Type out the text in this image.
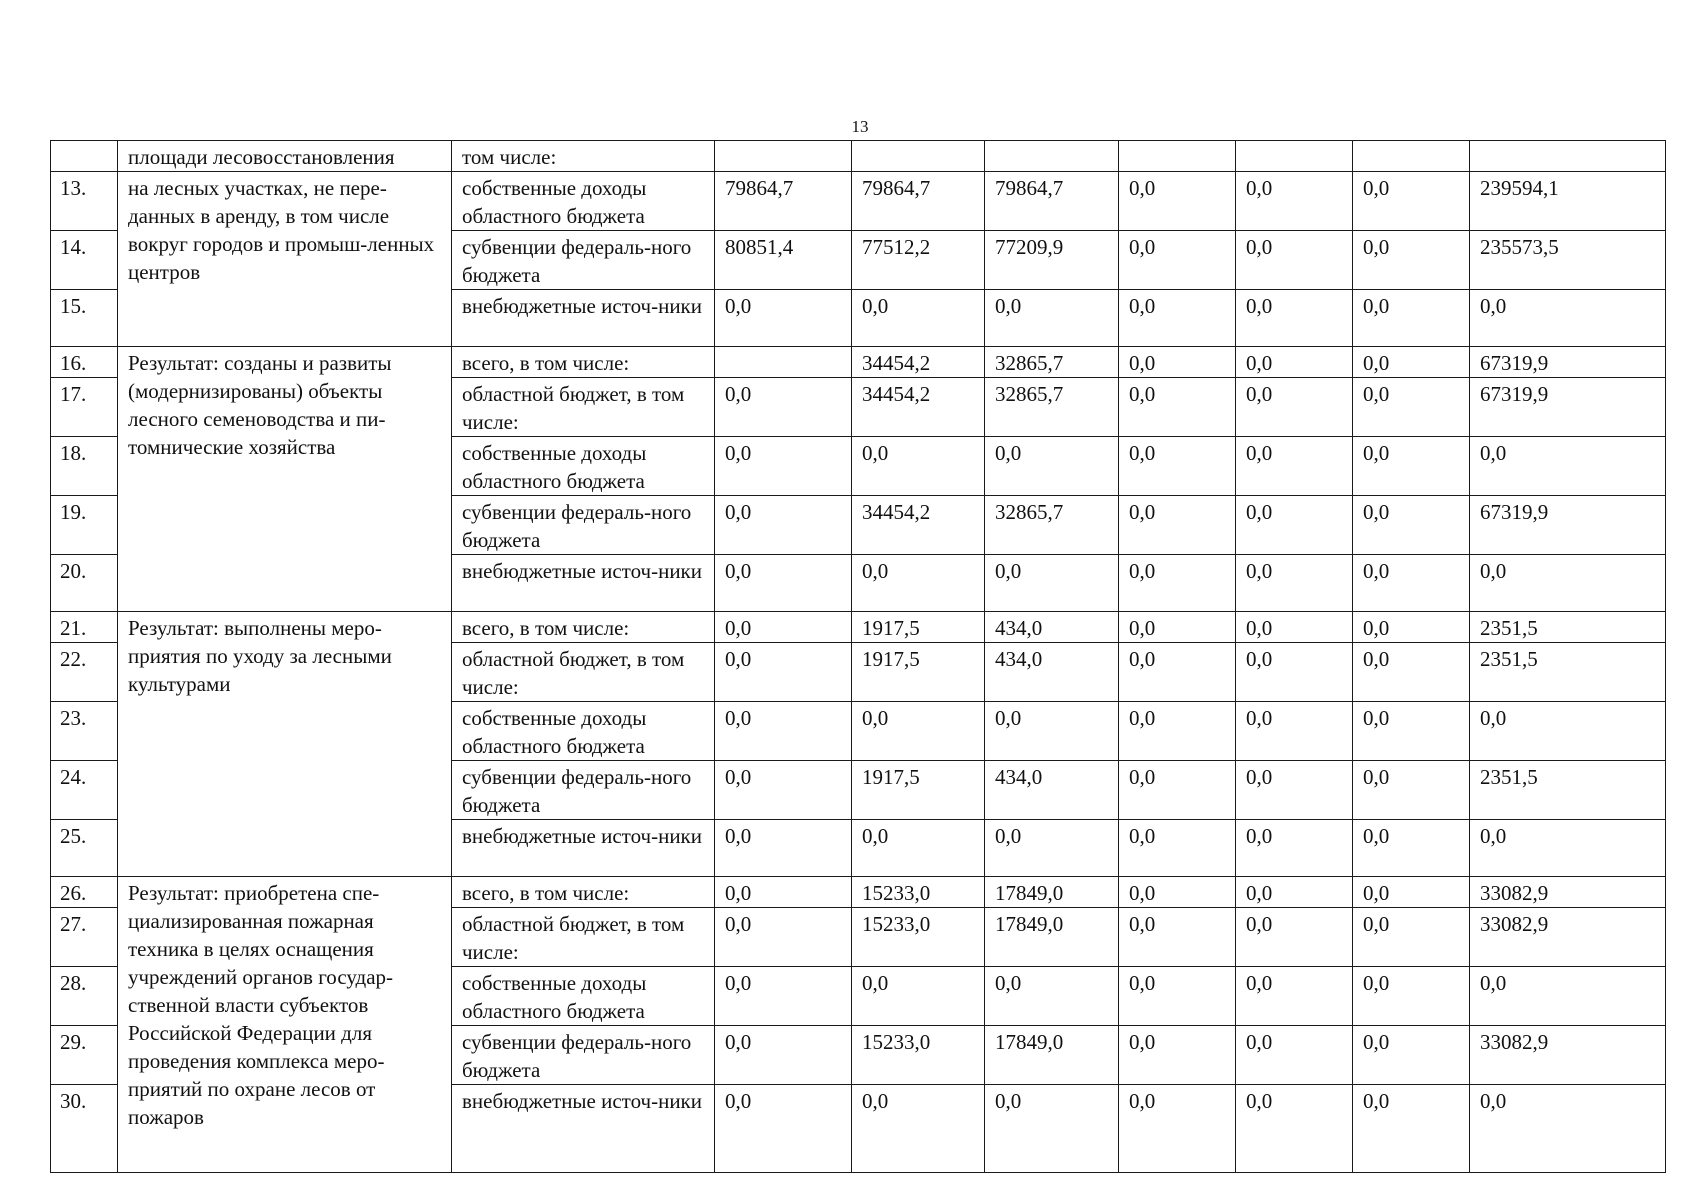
13
	площади лесовосстановления	том числе:							
13.	на лесных участках, не пере-данных в аренду, в том числе вокруг городов и промыш-ленных центров	собственные доходы областного бюджета	79864,7	79864,7	79864,7	0,0	0,0	0,0	239594,1
14.		субвенции федераль-ного бюджета	80851,4	77512,2	77209,9	0,0	0,0	0,0	235573,5
15.		внебюджетные источ-ники	0,0	0,0	0,0	0,0	0,0	0,0	0,0
16.	Результат: созданы и развиты (модернизированы) объекты лесного семеноводства и пи-томнические хозяйства	всего, в том числе:		34454,2	32865,7	0,0	0,0	0,0	67319,9
17.		областной бюджет, в том числе:	0,0	34454,2	32865,7	0,0	0,0	0,0	67319,9
18.		собственные доходы областного бюджета	0,0	0,0	0,0	0,0	0,0	0,0	0,0
19.		субвенции федераль-ного бюджета	0,0	34454,2	32865,7	0,0	0,0	0,0	67319,9
20.		внебюджетные источ-ники	0,0	0,0	0,0	0,0	0,0	0,0	0,0
21.	Результат: выполнены меро-приятия по уходу за лесными культурами	всего, в том числе:	0,0	1917,5	434,0	0,0	0,0	0,0	2351,5
22.		областной бюджет, в том числе:	0,0	1917,5	434,0	0,0	0,0	0,0	2351,5
23.		собственные доходы областного бюджета	0,0	0,0	0,0	0,0	0,0	0,0	0,0
24.		субвенции федераль-ного бюджета	0,0	1917,5	434,0	0,0	0,0	0,0	2351,5
25.		внебюджетные источ-ники	0,0	0,0	0,0	0,0	0,0	0,0	0,0
26.	Результат: приобретена спе-циализированная пожарная техника в целях оснащения учреждений органов государ-ственной власти субъектов Российской Федерации для проведения комплекса меро-приятий по охране лесов от пожаров	всего, в том числе:	0,0	15233,0	17849,0	0,0	0,0	0,0	33082,9
27.		областной бюджет, в том числе:	0,0	15233,0	17849,0	0,0	0,0	0,0	33082,9
28.		собственные доходы областного бюджета	0,0	0,0	0,0	0,0	0,0	0,0	0,0
29.		субвенции федераль-ного бюджета	0,0	15233,0	17849,0	0,0	0,0	0,0	33082,9
30.		внебюджетные источ-ники	0,0	0,0	0,0	0,0	0,0	0,0	0,0
